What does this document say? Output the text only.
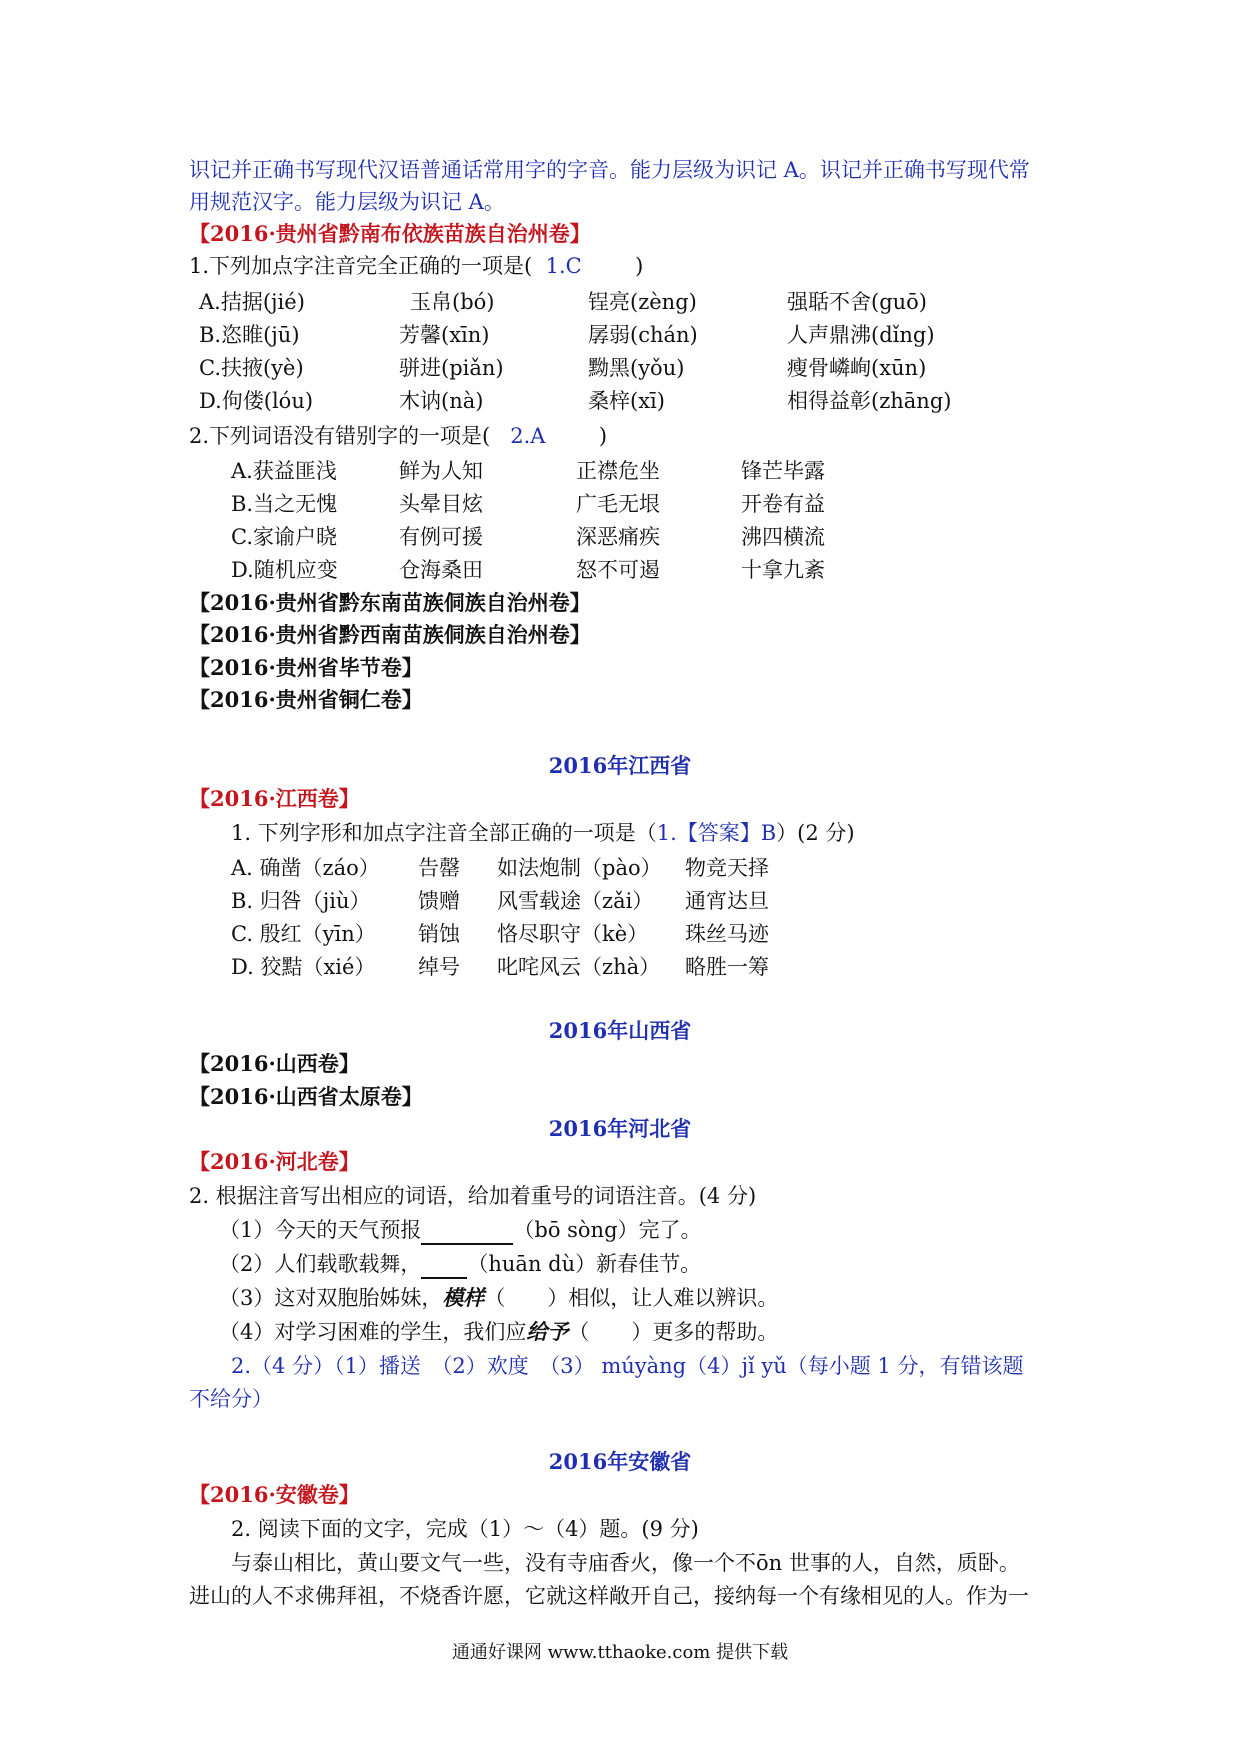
识记并正确书写现代汉语普通话常用字的字音。能力层级为识记 A。识记并正确书写现代常
用规范汉字。能力层级为识记 A。
【2016·贵州省黔南布依族苗族自治州卷】
1.下列加点字注音完全正确的一项是( 1.C	)
A.拮据(jié)	玉帛(bó)	锃亮(zèng)	强聒不舍(guō)
B.恣睢(jū)	芳馨(xīn)	孱弱(chán)	人声鼎沸(dǐng)
C.扶掖(yè)	骈进(piǎn)	黝黑(yǒu)	瘦骨嶙峋(xūn)
D.佝偻(lóu)	木讷(nà)	桑梓(xī)	相得益彰(zhāng)
2.下列词语没有错别字的一项是( 2.A	)
A.获益匪浅	鲜为人知	正襟危坐	锋芒毕露
B.当之无愧	头晕目炫	广毛无垠	开卷有益
C.家谕户晓	有例可援	深恶痛疾	沸四横流
D.随机应变	仓海桑田	怒不可遏	十拿九紊
【2016·贵州省黔东南苗族侗族自治州卷】
【2016·贵州省黔西南苗族侗族自治州卷】
【2016·贵州省毕节卷】
【2016·贵州省铜仁卷】
2016年江西省
【2016·江西卷】
1. 下列字形和加点字注音全部正确的一项是（1.【答案】B）(2 分)
A. 确凿（záo） 告罄 如法炮制（pào） 物竞天择
B. 归咎（jiù） 馈赠 风雪载途（zǎi） 通宵达旦
C. 殷红（yīn） 销蚀 恪尽职守（kè） 珠丝马迹
D. 狡黠（xié） 绰号 叱咤风云（zhà） 略胜一筹
2016年山西省
【2016·山西卷】
【2016·山西省太原卷】
2016年河北省
【2016·河北卷】
2. 根据注音写出相应的词语，给加着重号的词语注音。(4 分)
（1）今天的天气预报	（bō sòng）完了。
（2）人们载歌载舞， （huān dù）新春佳节。
（3）这对双胞胎姊妹，模样（　　）相似，让人难以辨识。
（4）对学习困难的学生，我们应给予（　　）更多的帮助。
2.（4 分）（1）播送　（2）欢度　（3） múyàng（4）jǐ yǔ（每小题 1 分，有错该题
不给分）
2016年安徽省
【2016·安徽卷】
2. 阅读下面的文字，完成（1）～（4）题。(9 分)
与泰山相比，黄山要文气一些，没有寺庙香火，像一个不ōn 世事的人，自然，质卧。
进山的人不求佛拜祖，不烧香许愿，它就这样敞开自己，接纳每一个有缘相见的人。作为一
通通好课网 www.tthaoke.com 提供下载
